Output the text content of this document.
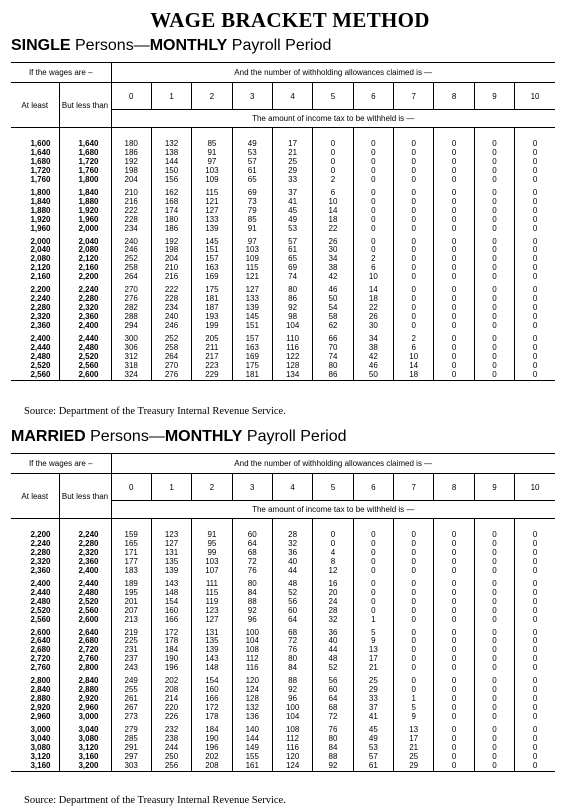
WAGE BRACKET METHOD
SINGLE Persons—MONTHLY Payroll Period
If the wages are –		And the number of withholding allowances claimed is —										
At least	But less than	0	1	2	3	4	5	6	7	8	9	10
		The amount of income tax to be withheld is —										

1,600	1,640	180	132	85	49	17	0	0	0	0	0	0
1,640	1,680	186	138	91	53	21	0	0	0	0	0	0
1,680	1,720	192	144	97	57	25	0	0	0	0	0	0
1,720	1,760	198	150	103	61	29	0	0	0	0	0	0
1,760	1,800	204	156	109	65	33	2	0	0	0	0	0

1,800	1,840	210	162	115	69	37	6	0	0	0	0	0
1,840	1,880	216	168	121	73	41	10	0	0	0	0	0
1,880	1,920	222	174	127	79	45	14	0	0	0	0	0
1,920	1,960	228	180	133	85	49	18	0	0	0	0	0
1,960	2,000	234	186	139	91	53	22	0	0	0	0	0

2,000	2,040	240	192	145	97	57	26	0	0	0	0	0
2,040	2,080	246	198	151	103	61	30	0	0	0	0	0
2,080	2,120	252	204	157	109	65	34	2	0	0	0	0
2,120	2,160	258	210	163	115	69	38	6	0	0	0	0
2,160	2,200	264	216	169	121	74	42	10	0	0	0	0

2,200	2,240	270	222	175	127	80	46	14	0	0	0	0
2,240	2,280	276	228	181	133	86	50	18	0	0	0	0
2,280	2,320	282	234	187	139	92	54	22	0	0	0	0
2,320	2,360	288	240	193	145	98	58	26	0	0	0	0
2,360	2,400	294	246	199	151	104	62	30	0	0	0	0

2,400	2,440	300	252	205	157	110	66	34	2	0	0	0
2,440	2,480	306	258	211	163	116	70	38	6	0	0	0
2,480	2,520	312	264	217	169	122	74	42	10	0	0	0
2,520	2,560	318	270	223	175	128	80	46	14	0	0	0
2,560	2,600	324	276	229	181	134	86	50	18	0	0	0
Source: Department of the Treasury Internal Revenue Service.
MARRIED Persons—MONTHLY Payroll Period
If the wages are –		And the number of withholding allowances claimed is —										
At least	But less than	0	1	2	3	4	5	6	7	8	9	10
		The amount of income tax to be withheld is —										

2,200	2,240	159	123	91	60	28	0	0	0	0	0	0
2,240	2,280	165	127	95	64	32	0	0	0	0	0	0
2,280	2,320	171	131	99	68	36	4	0	0	0	0	0
2,320	2,360	177	135	103	72	40	8	0	0	0	0	0
2,360	2,400	183	139	107	76	44	12	0	0	0	0	0

2,400	2,440	189	143	111	80	48	16	0	0	0	0	0
2,440	2,480	195	148	115	84	52	20	0	0	0	0	0
2,480	2,520	201	154	119	88	56	24	0	0	0	0	0
2,520	2,560	207	160	123	92	60	28	0	0	0	0	0
2,560	2,600	213	166	127	96	64	32	1	0	0	0	0

2,600	2,640	219	172	131	100	68	36	5	0	0	0	0
2,640	2,680	225	178	135	104	72	40	9	0	0	0	0
2,680	2,720	231	184	139	108	76	44	13	0	0	0	0
2,720	2,760	237	190	143	112	80	48	17	0	0	0	0
2,760	2,800	243	196	148	116	84	52	21	0	0	0	0

2,800	2,840	249	202	154	120	88	56	25	0	0	0	0
2,840	2,880	255	208	160	124	92	60	29	0	0	0	0
2,880	2,920	261	214	166	128	96	64	33	1	0	0	0
2,920	2,960	267	220	172	132	100	68	37	5	0	0	0
2,960	3,000	273	226	178	136	104	72	41	9	0	0	0

3,000	3,040	279	232	184	140	108	76	45	13	0	0	0
3,040	3,080	285	238	190	144	112	80	49	17	0	0	0
3,080	3,120	291	244	196	149	116	84	53	21	0	0	0
3,120	3,160	297	250	202	155	120	88	57	25	0	0	0
3,160	3,200	303	256	208	161	124	92	61	29	0	0	0
Source: Department of the Treasury Internal Revenue Service.
